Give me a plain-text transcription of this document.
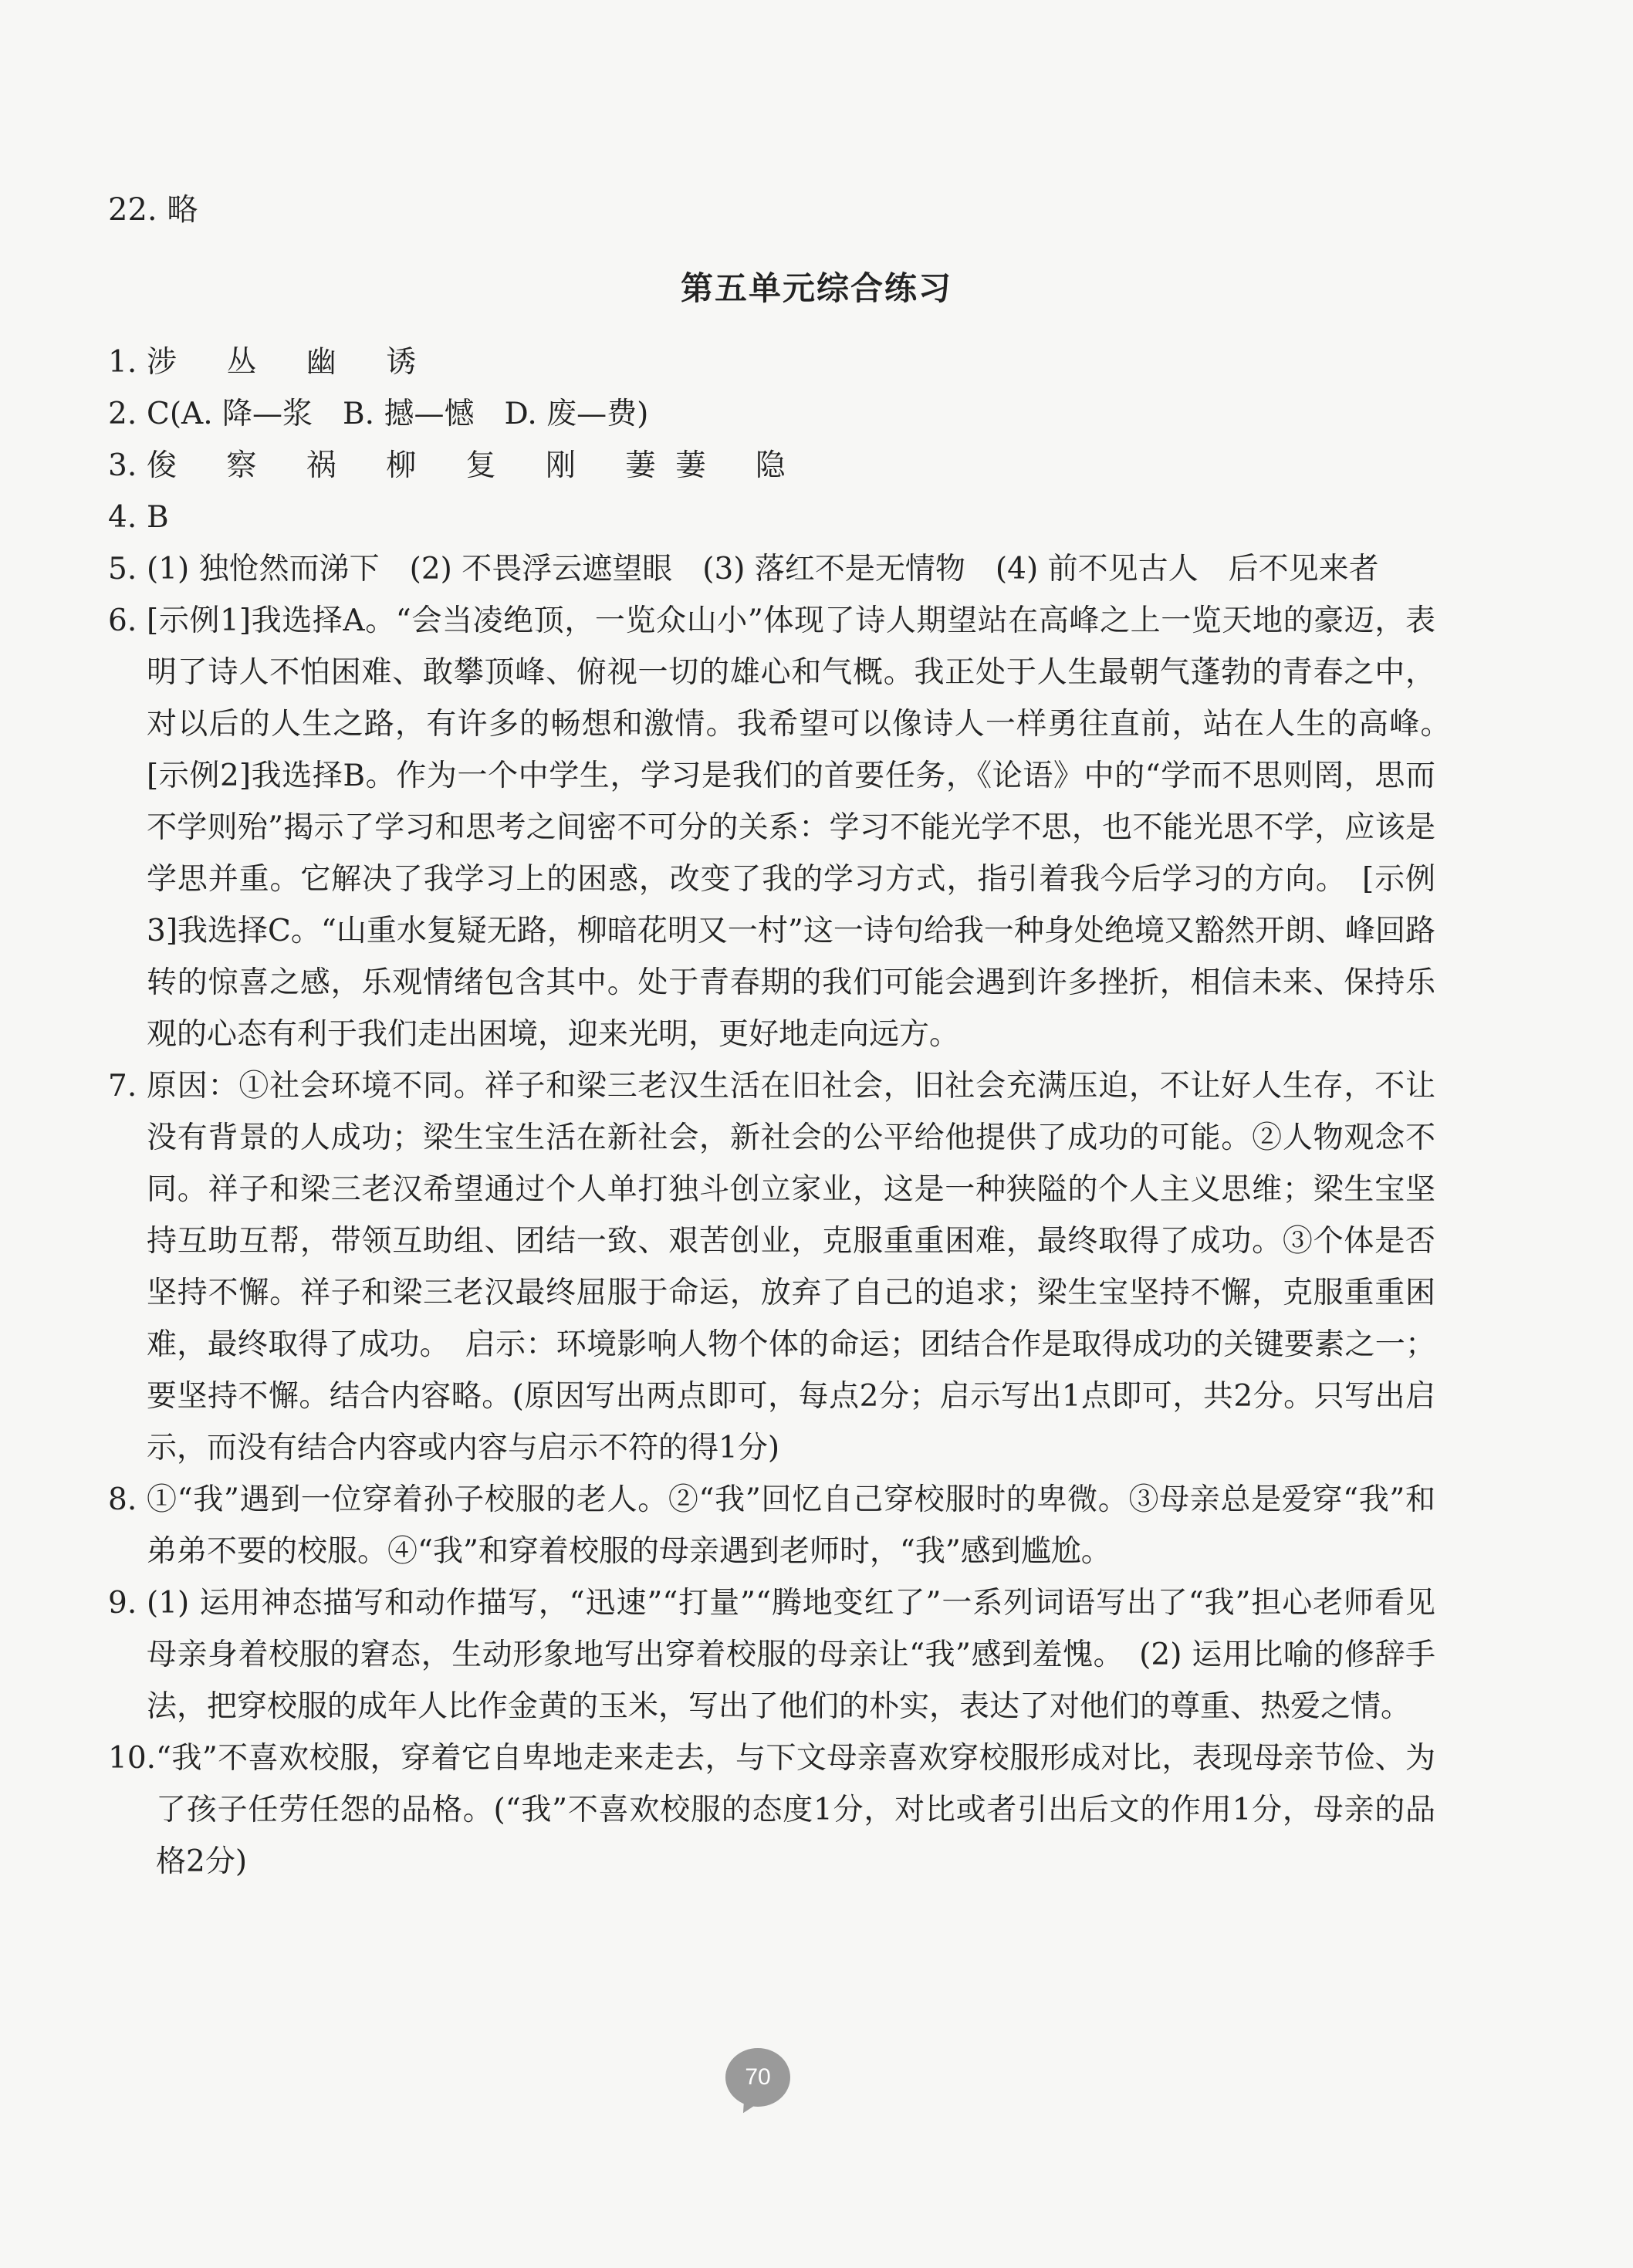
22. 略
第五单元综合练习
1. 涉 丛 幽 诱
2. C(A. 降—浆　B. 撼—憾　D. 废—费)
3. 俊 察 祸 柳 复 刚 萋萋 隐
4. B
5. (1) 独怆然而涕下　(2) 不畏浮云遮望眼　(3) 落红不是无情物　(4) 前不见古人　后不见来者
6. [示例1]我选择A。“会当凌绝顶，一览众山小”体现了诗人期望站在高峰之上一览天地的豪迈，表明了诗人不怕困难、敢攀顶峰、俯视一切的雄心和气概。我正处于人生最朝气蓬勃的青春之中，对以后的人生之路，有许多的畅想和激情。我希望可以像诗人一样勇往直前，站在人生的高峰。　[示例2]我选择B。作为一个中学生，学习是我们的首要任务，《论语》中的“学而不思则罔，思而不学则殆”揭示了学习和思考之间密不可分的关系：学习不能光学不思，也不能光思不学，应该是学思并重。它解决了我学习上的困惑，改变了我的学习方式，指引着我今后学习的方向。　[示例3]我选择C。“山重水复疑无路，柳暗花明又一村”这一诗句给我一种身处绝境又豁然开朗、峰回路转的惊喜之感，乐观情绪包含其中。处于青春期的我们可能会遇到许多挫折，相信未来、保持乐观的心态有利于我们走出困境，迎来光明，更好地走向远方。
7. 原因：①社会环境不同。祥子和梁三老汉生活在旧社会，旧社会充满压迫，不让好人生存，不让没有背景的人成功；梁生宝生活在新社会，新社会的公平给他提供了成功的可能。②人物观念不同。祥子和梁三老汉希望通过个人单打独斗创立家业，这是一种狭隘的个人主义思维；梁生宝坚持互助互帮，带领互助组、团结一致、艰苦创业，克服重重困难，最终取得了成功。③个体是否坚持不懈。祥子和梁三老汉最终屈服于命运，放弃了自己的追求；梁生宝坚持不懈，克服重重困难，最终取得了成功。　启示：环境影响人物个体的命运；团结合作是取得成功的关键要素之一；要坚持不懈。结合内容略。(原因写出两点即可，每点2分；启示写出1点即可，共2分。只写出启示，而没有结合内容或内容与启示不符的得1分)
8. ①“我”遇到一位穿着孙子校服的老人。②“我”回忆自己穿校服时的卑微。③母亲总是爱穿“我”和弟弟不要的校服。④“我”和穿着校服的母亲遇到老师时，“我”感到尴尬。
9. (1) 运用神态描写和动作描写，“迅速”“打量”“腾地变红了”一系列词语写出了“我”担心老师看见母亲身着校服的窘态，生动形象地写出穿着校服的母亲让“我”感到羞愧。　(2) 运用比喻的修辞手法，把穿校服的成年人比作金黄的玉米，写出了他们的朴实，表达了对他们的尊重、热爱之情。
10. “我”不喜欢校服，穿着它自卑地走来走去，与下文母亲喜欢穿校服形成对比，表现母亲节俭、为了孩子任劳任怨的品格。(“我”不喜欢校服的态度1分，对比或者引出后文的作用1分，母亲的品格2分)
70
